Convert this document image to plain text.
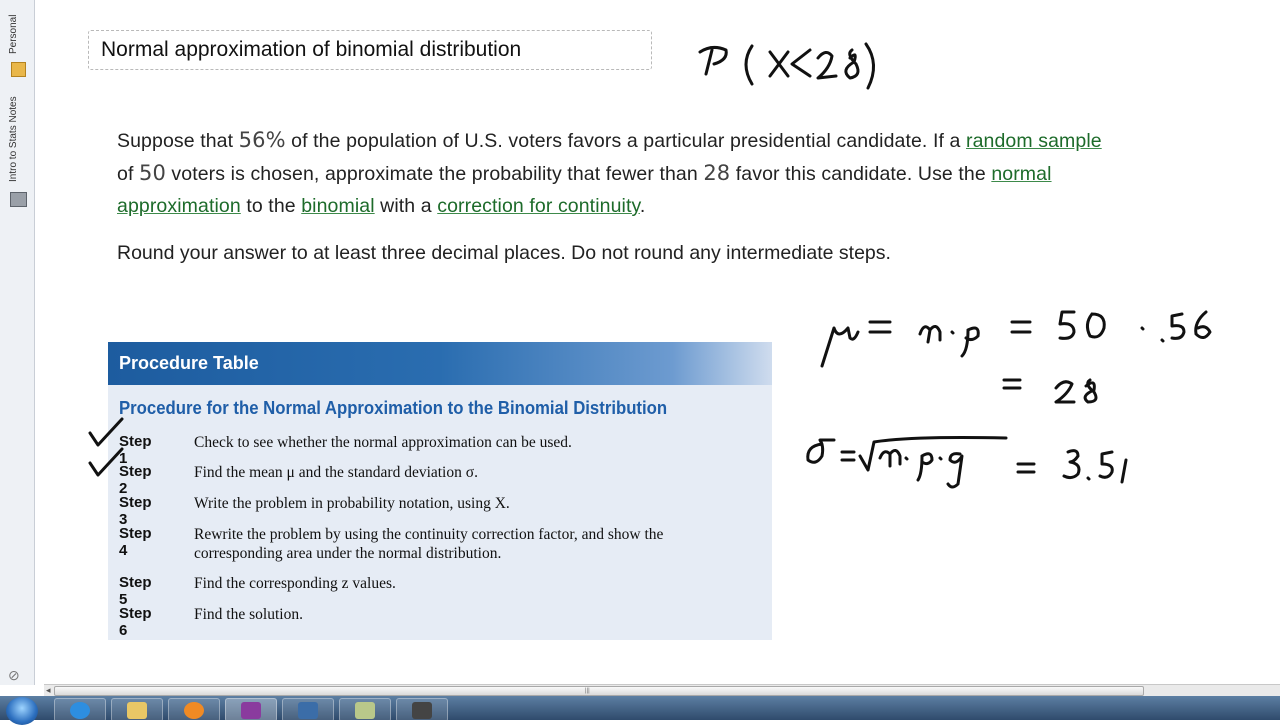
Personal
Intro to Stats Notes
⊘
Normal approximation of binomial distribution
Suppose that 56% of the population of U.S. voters favors a particular presidential candidate. If a random sample of 50 voters is chosen, approximate the probability that fewer than 28 favor this candidate. Use the normal approximation to the binomial with a correction for continuity.
Round your answer to at least three decimal places. Do not round any intermediate steps.
Procedure Table
Procedure for the Normal Approximation to the Binomial Distribution
Step 1
Check to see whether the normal approximation can be used.
Step 2
Find the mean μ and the standard deviation σ.
Step 3
Write the problem in probability notation, using X.
Step 4
Rewrite the problem by using the continuity correction factor, and show the corresponding area under the normal distribution.
Step 5
Find the corresponding z values.
Step 6
Find the solution.
◂	|||
